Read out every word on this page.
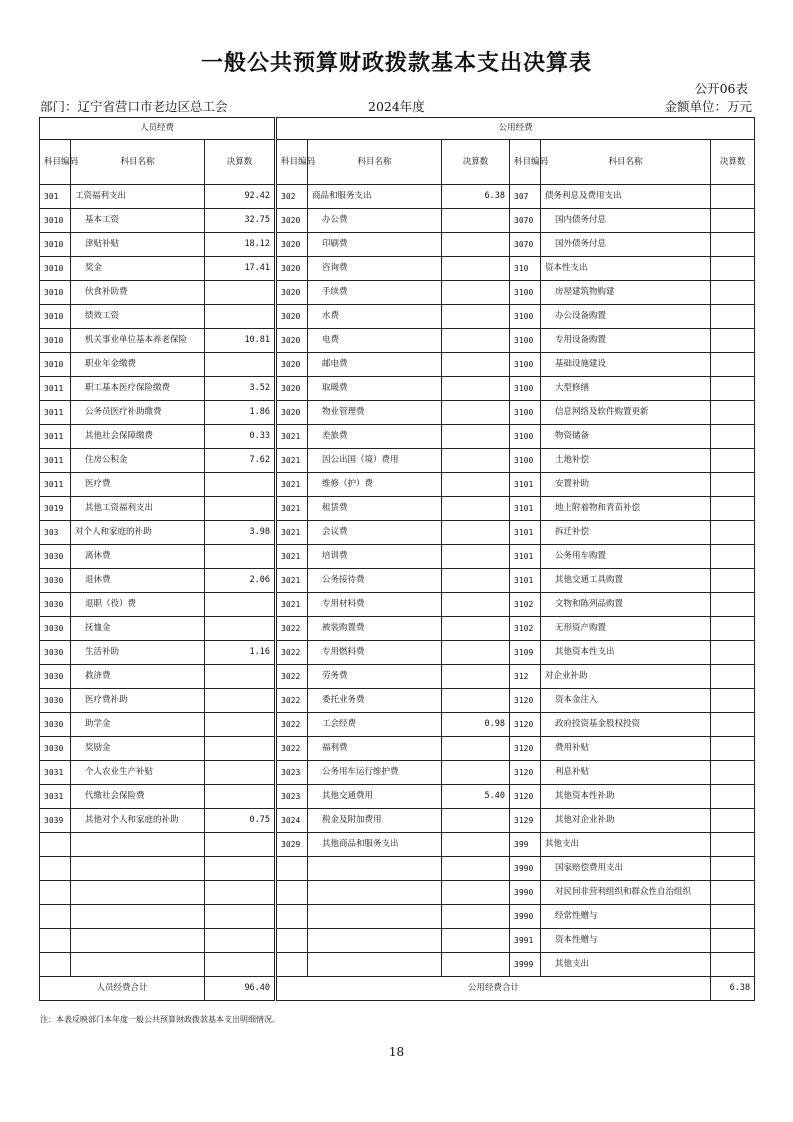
一般公共预算财政拨款基本支出决算表
公开06表
部门：辽宁省营口市老边区总工会	2024年度	金额单位：万元
人员经费				公用经费					
科目编码	科目名称	决算数		科目编码	科目名称	决算数	科目编码	科目名称	决算数
301	工资福利支出	92.42		302	商品和服务支出	6.38	307	债务利息及费用支出	
3010	基本工资	32.75		3020	办公费		3070	国内债务付息	
3010	津贴补贴	18.12		3020	印刷费		3070	国外债务付息	
3010	奖金	17.41		3020	咨询费		310	资本性支出	
3010	伙食补助费			3020	手续费		3100	房屋建筑物购建	
3010	绩效工资			3020	水费		3100	办公设备购置	
3010	机关事业单位基本养老保险	10.81		3020	电费		3100	专用设备购置	
3010	职业年金缴费			3020	邮电费		3100	基础设施建设	
3011	职工基本医疗保险缴费	3.52		3020	取暖费		3100	大型修缮	
3011	公务员医疗补助缴费	1.86		3020	物业管理费		3100	信息网络及软件购置更新	
3011	其他社会保障缴费	0.33		3021	差旅费		3100	物资储备	
3011	住房公积金	7.62		3021	因公出国（境）费用		3100	土地补偿	
3011	医疗费			3021	维修（护）费		3101	安置补助	
3019	其他工资福利支出			3021	租赁费		3101	地上附着物和青苗补偿	
303	对个人和家庭的补助	3.98		3021	会议费		3101	拆迁补偿	
3030	离休费			3021	培训费		3101	公务用车购置	
3030	退休费	2.06		3021	公务接待费		3101	其他交通工具购置	
3030	退职（役）费			3021	专用材料费		3102	文物和陈列品购置	
3030	抚恤金			3022	被装购置费		3102	无形资产购置	
3030	生活补助	1.16		3022	专用燃料费		3109	其他资本性支出	
3030	救济费			3022	劳务费		312	对企业补助	
3030	医疗费补助			3022	委托业务费		3120	资本金注入	
3030	助学金			3022	工会经费	0.98	3120	政府投资基金股权投资	
3030	奖励金			3022	福利费		3120	费用补贴	
3031	个人农业生产补贴			3023	公务用车运行维护费		3120	利息补贴	
3031	代缴社会保险费			3023	其他交通费用	5.40	3120	其他资本性补助	
3039	其他对个人和家庭的补助	0.75		3024	税金及附加费用		3129	其他对企业补助	
				3029	其他商品和服务支出		399	其他支出	
							3990	国家赔偿费用支出	
							3990	对民间非营利组织和群众性自治组织	
							3990	经常性赠与	
							3991	资本性赠与	
							3999	其他支出	
人员经费合计		96.40		公用经费合计					6.38
注：本表反映部门本年度一般公共预算财政拨款基本支出明细情况。
18
